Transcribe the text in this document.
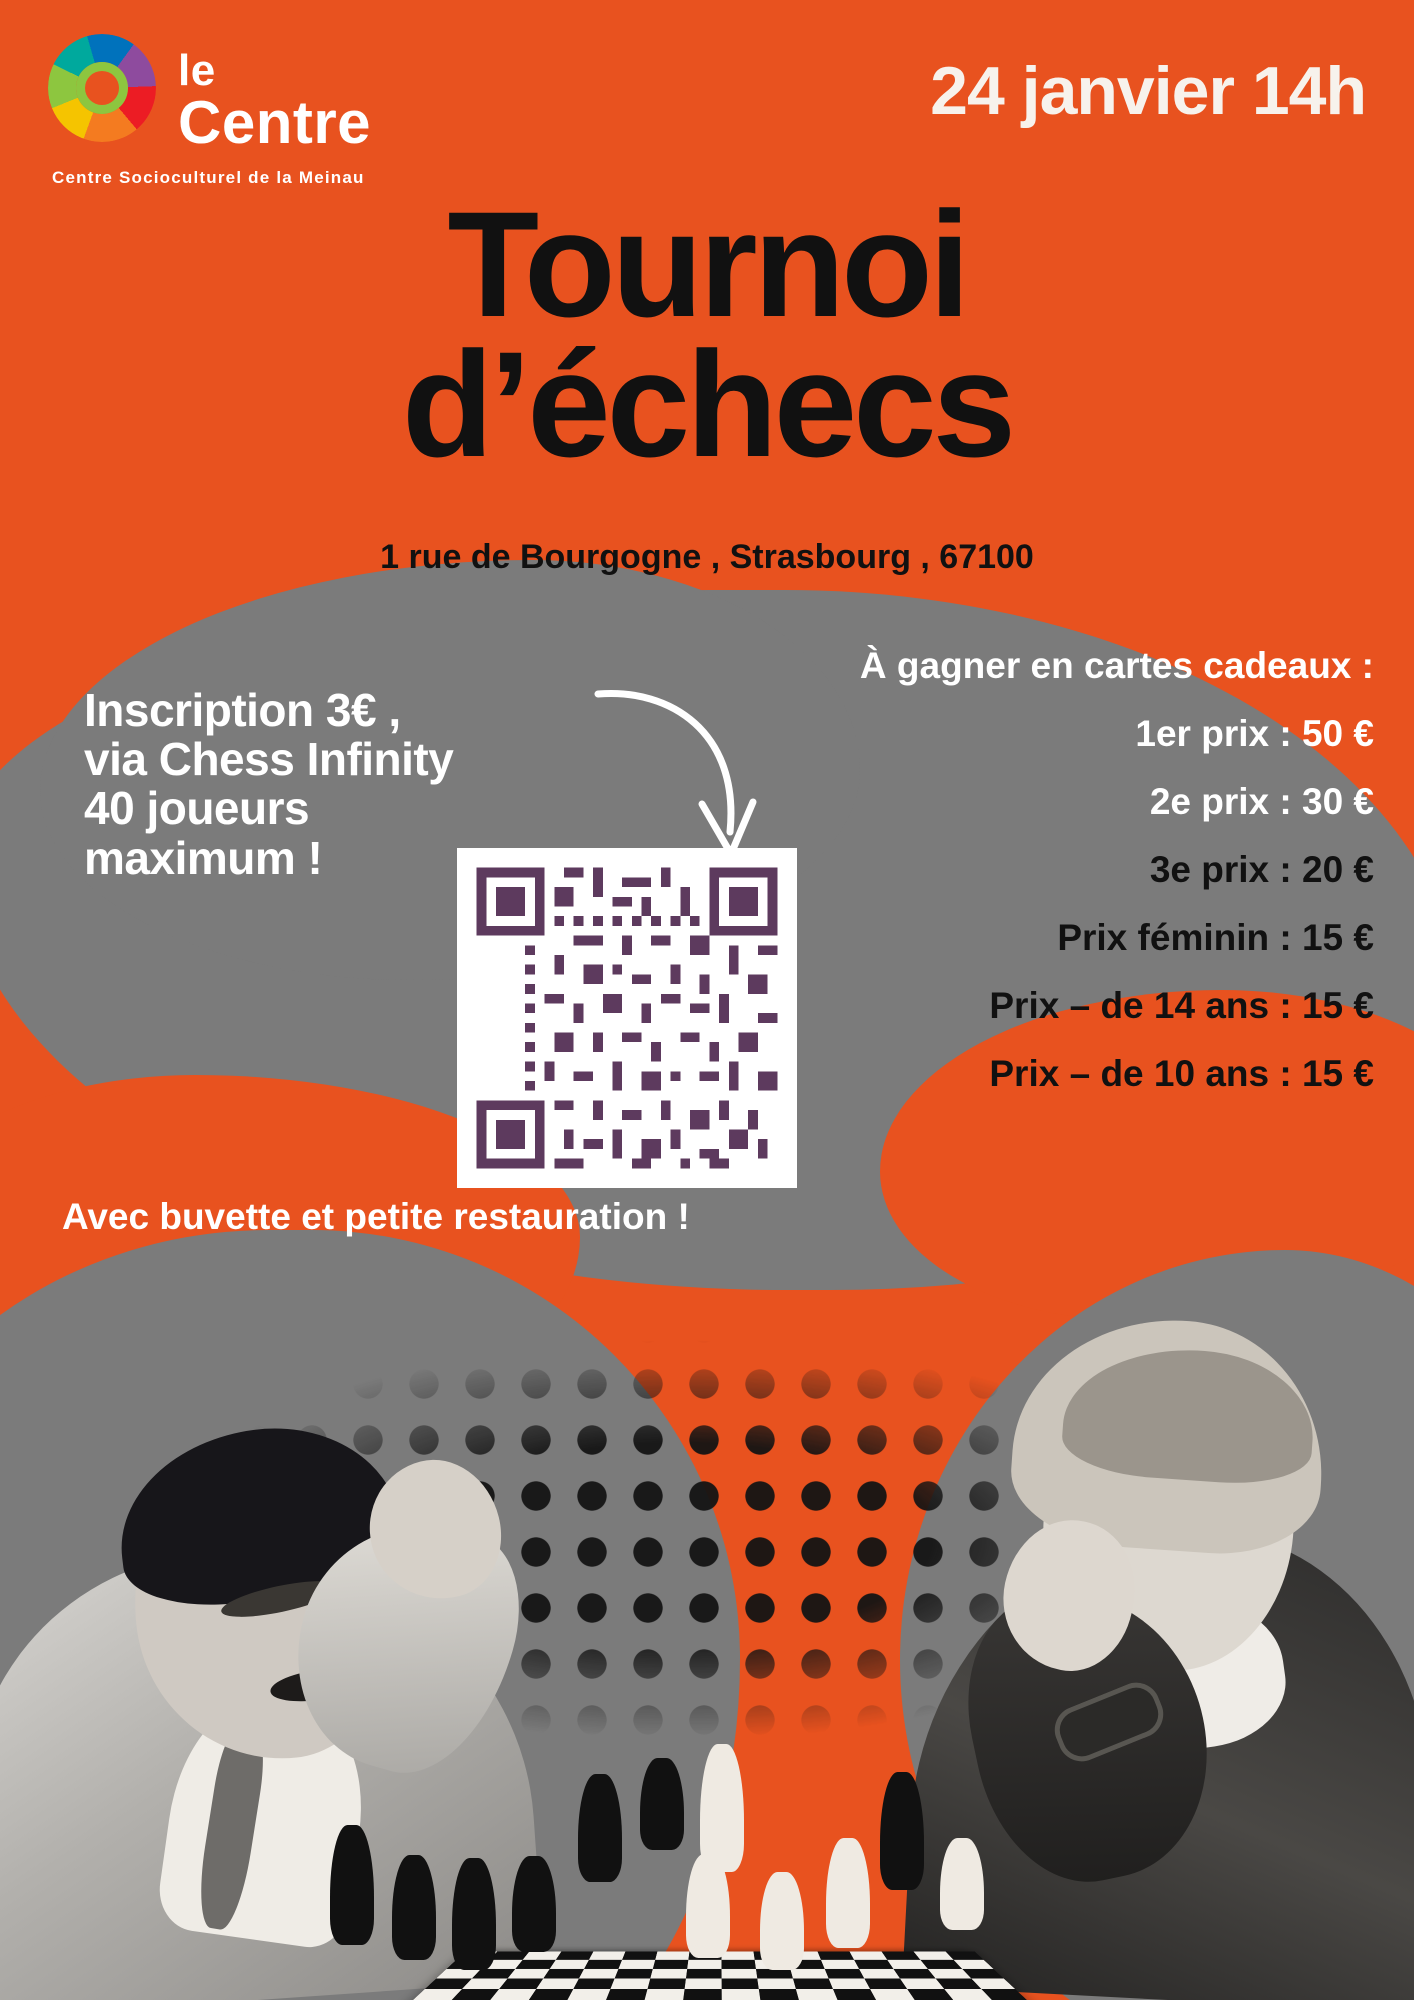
le
Centre
Centre Socioculturel de la Meinau
24 janvier 14h
Tournoi
d’échecs
1 rue de Bourgogne , Strasbourg , 67100
Inscription 3€ ,
via Chess Infinity
40 joueurs
maximum !
À gagner en cartes cadeaux :
1er prix : 50 €
2e prix : 30 €
3e prix : 20 €
Prix féminin : 15 €
Prix – de 14 ans : 15 €
Prix – de 10 ans : 15 €
Avec buvette et petite restauration !
